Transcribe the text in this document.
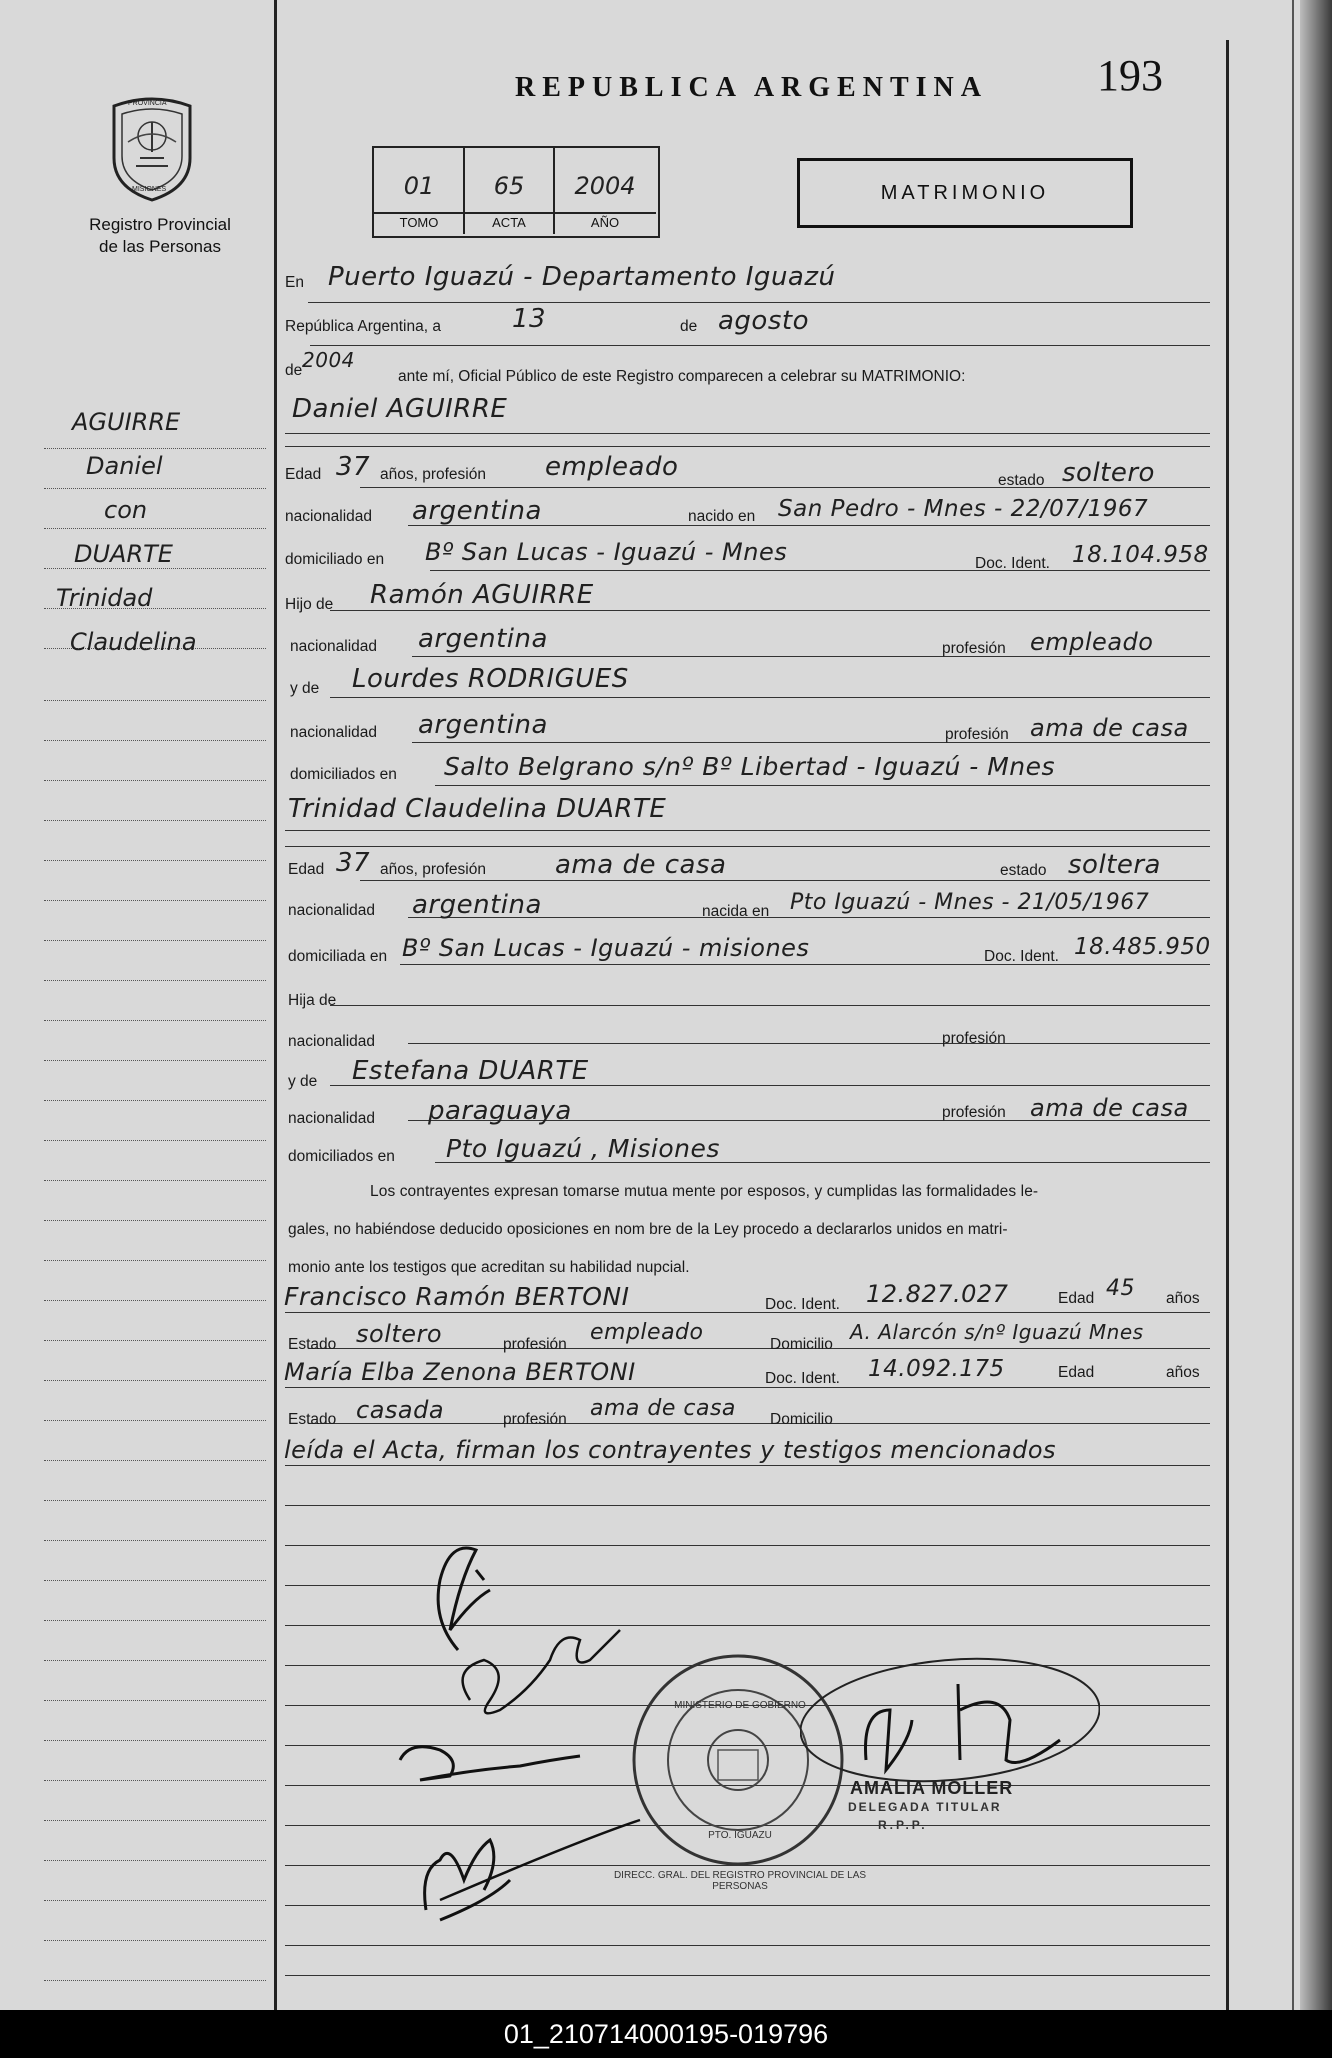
PROVINCIA
MISIONES
Registro Provincial
de las Personas
REPUBLICA ARGENTINA 193
MATRIMONIO
01	65	2004
TOMO	ACTA	AÑO
AGUIRRE
Daniel
con
DUARTE
Trinidad
Claudelina
En Puerto Iguazú - Departamento Iguazú
República Argentina, a	13	de agosto
de 2004
ante mí, Oficial Público de este Registro comparecen a celebrar su MATRIMONIO:
Daniel AGUIRRE
Edad 37 años, profesión empleado	estado soltero
nacionalidad argentina	nacido en San Pedro - Mnes - 22/07/1967
domiciliado en Bº San Lucas - Iguazú - Mnes	Doc. Ident. 18.104.958
Hijo de Ramón AGUIRRE
nacionalidad argentina	profesión empleado
y de Lourdes RODRIGUES
nacionalidad argentina	profesión ama de casa
domiciliados en Salto Belgrano s/nº Bº Libertad - Iguazú - Mnes
Trinidad Claudelina DUARTE
Edad 37 años, profesión	ama de casa	estado soltera
nacionalidad argentina	nacida en Pto Iguazú - Mnes - 21/05/1967
domiciliada en Bº San Lucas - Iguazú - misiones	Doc. Ident. 18.485.950
Hija de
nacionalidad	profesión
y de Estefana DUARTE
nacionalidad paraguaya	profesión ama de casa
domiciliados en Pto Iguazú , Misiones
Los contrayentes expresan tomarse mutua mente por esposos, y cumplidas las formalidades le-
gales, no habiéndose deducido oposiciones en nom bre de la Ley procedo a declararlos unidos en matri-
monio ante los testigos que acreditan su habilidad nupcial.
Francisco Ramón BERTONI	Doc. Ident. 12.827.027	Edad 45 años
Estado soltero	profesión empleado	Domicilio
A. Alarcón s/nº Iguazú Mnes
María Elba Zenona BERTONI	Doc. Ident. 14.092.175	Edad	años
Estado casada	profesión ama de casa Domicilio
leída el Acta, firman los contrayentes y testigos mencionados
DIRECC. GRAL. DEL REGISTRO PROVINCIAL DE LAS PERSONAS
MINISTERIO DE GOBIERNO
PTO. IGUAZU
AMALIA MOLLER
DELEGADA TITULAR
R.P.P.
01_210714000195-019796
